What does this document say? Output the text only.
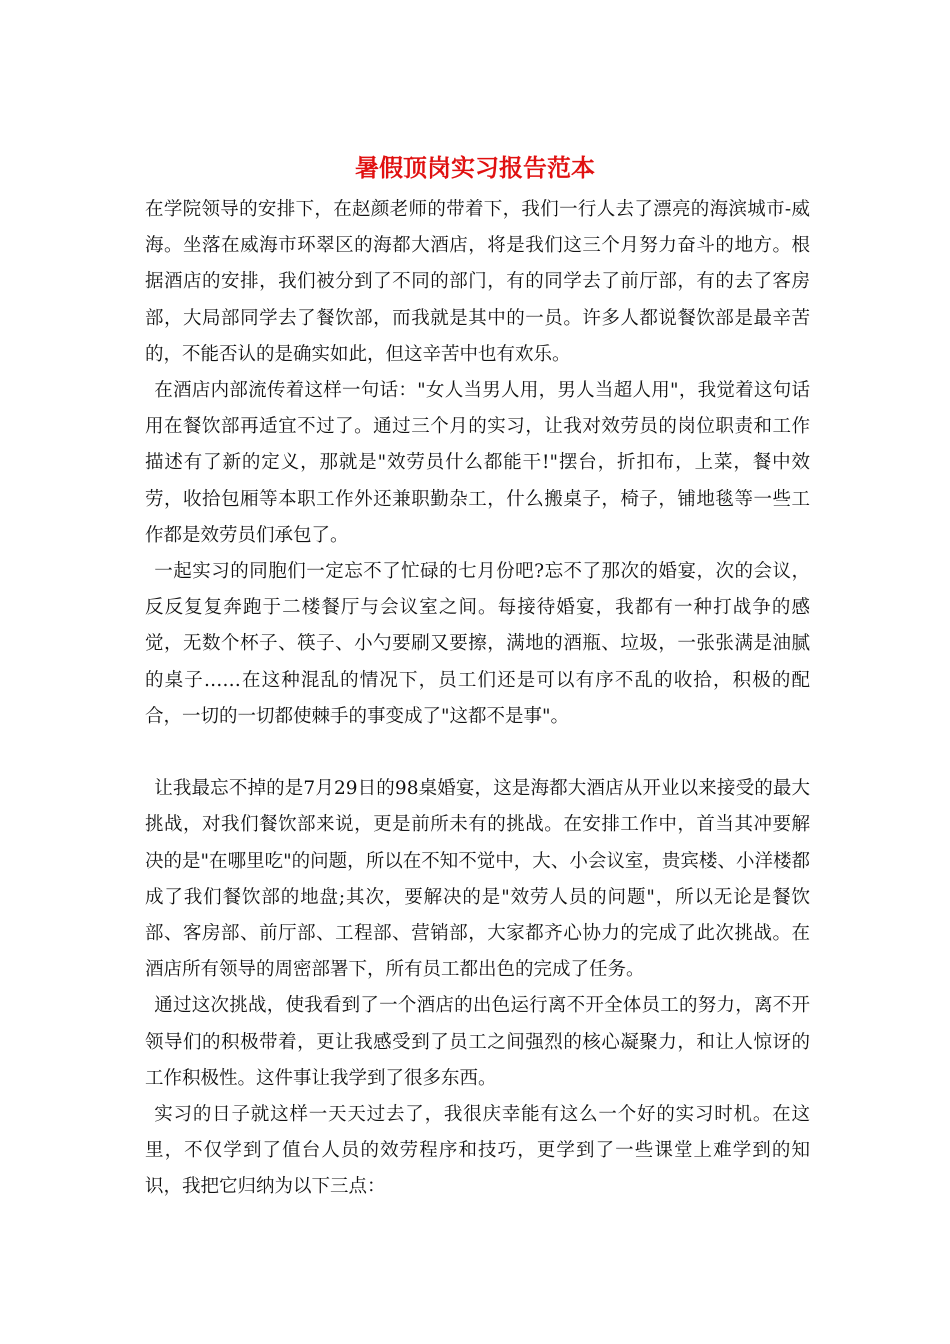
暑假顶岗实习报告范本

在学院领导的安排下，在赵颜老师的带着下，我们一行人去了漂亮的海滨城市-威海。坐落在威海市环翠区的海都大酒店，将是我们这三个月努力奋斗的地方。根据酒店的安排，我们被分到了不同的部门，有的同学去了前厅部，有的去了客房部，大局部同学去了餐饮部，而我就是其中的一员。许多人都说餐饮部是最辛苦的，不能否认的是确实如此，但这辛苦中也有欢乐。

在酒店内部流传着这样一句话："女人当男人用，男人当超人用"，我觉着这句话用在餐饮部再适宜不过了。通过三个月的实习，让我对效劳员的岗位职责和工作描述有了新的定义，那就是"效劳员什么都能干!"摆台，折扣布，上菜，餐中效劳，收拾包厢等本职工作外还兼职勤杂工，什么搬桌子，椅子，铺地毯等一些工作都是效劳员们承包了。

一起实习的同胞们一定忘不了忙碌的七月份吧?忘不了那次的婚宴，次的会议，反反复复奔跑于二楼餐厅与会议室之间。每接待婚宴，我都有一种打战争的感觉，无数个杯子、筷子、小勺要刷又要擦，满地的酒瓶、垃圾，一张张满是油腻的桌子……在这种混乱的情况下，员工们还是可以有序不乱的收拾，积极的配合，一切的一切都使棘手的事变成了"这都不是事"。

让我最忘不掉的是7月29日的98桌婚宴，这是海都大酒店从开业以来接受的最大挑战，对我们餐饮部来说，更是前所未有的挑战。在安排工作中，首当其冲要解决的是"在哪里吃"的问题，所以在不知不觉中，大、小会议室，贵宾楼、小洋楼都成了我们餐饮部的地盘;其次，要解决的是"效劳人员的问题"，所以无论是餐饮部、客房部、前厅部、工程部、营销部，大家都齐心协力的完成了此次挑战。在酒店所有领导的周密部署下，所有员工都出色的完成了任务。

通过这次挑战，使我看到了一个酒店的出色运行离不开全体员工的努力，离不开领导们的积极带着，更让我感受到了员工之间强烈的核心凝聚力，和让人惊讶的工作积极性。这件事让我学到了很多东西。

实习的日子就这样一天天过去了，我很庆幸能有这么一个好的实习时机。在这里，不仅学到了值台人员的效劳程序和技巧，更学到了一些课堂上难学到的知识，我把它归纳为以下三点：
